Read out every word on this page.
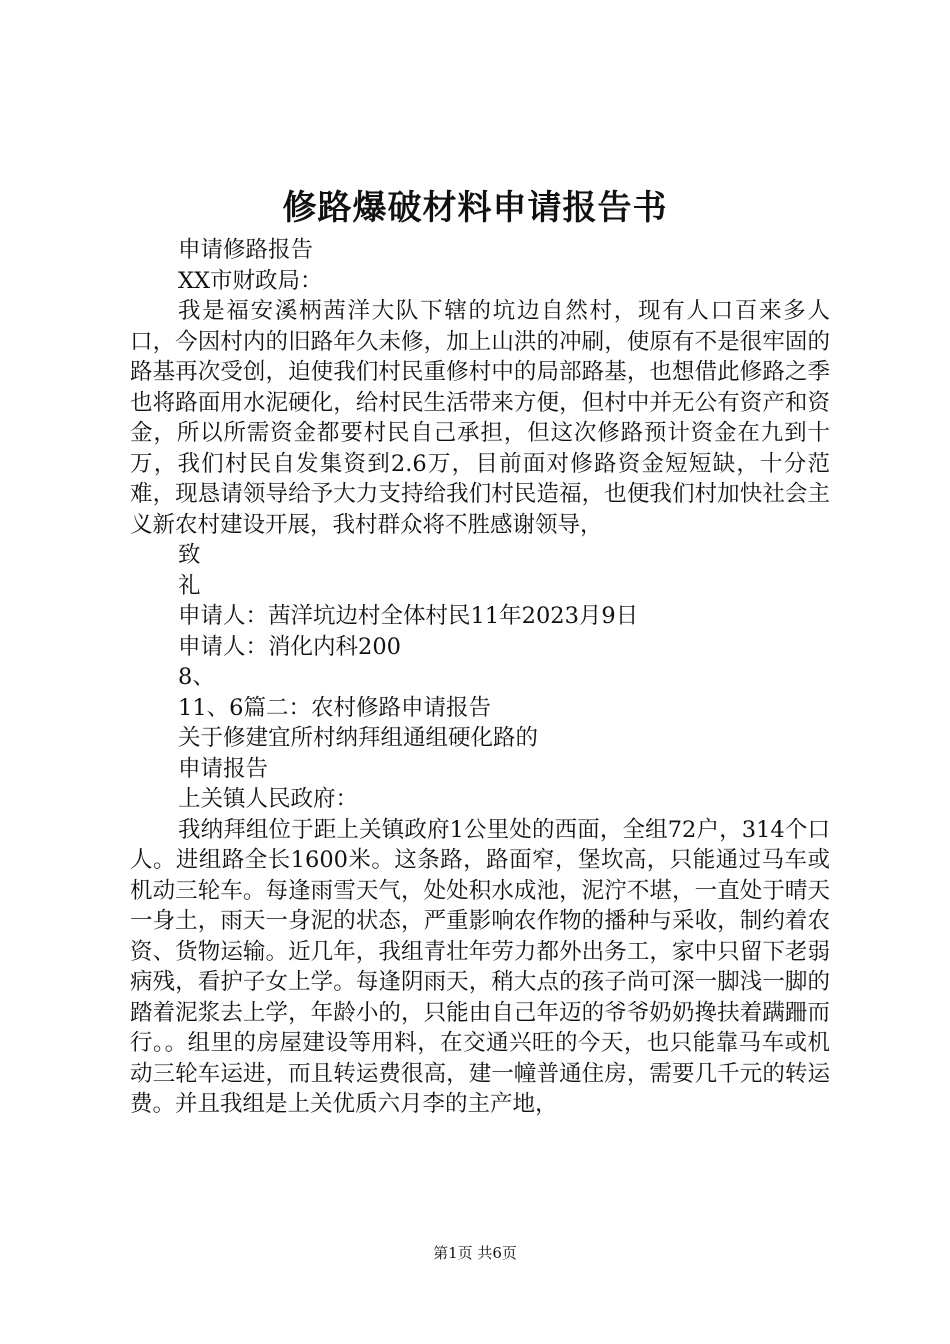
修路爆破材料申请报告书

申请修路报告

XX市财政局：

我是福安溪柄茜洋大队下辖的坑边自然村，现有人口百来多人口，今因村内的旧路年久未修，加上山洪的冲刷，使原有不是很牢固的路基再次受创，迫使我们村民重修村中的局部路基，也想借此修路之季也将路面用水泥硬化，给村民生活带来方便，但村中并无公有资产和资金，所以所需资金都要村民自己承担，但这次修路预计资金在九到十万，我们村民自发集资到2.6万，目前面对修路资金短短缺，十分范难，现恳请领导给予大力支持给我们村民造福，也便我们村加快社会主义新农村建设开展，我村群众将不胜感谢领导，

致

礼

申请人：茜洋坑边村全体村民11年2023月9日

申请人：消化内科200

8、

11、6篇二：农村修路申请报告

关于修建宜所村纳拜组通组硬化路的

申请报告

上关镇人民政府：

我纳拜组位于距上关镇政府1公里处的西面，全组72户，314个口人。进组路全长1600米。这条路，路面窄，堡坎高，只能通过马车或机动三轮车。每逢雨雪天气，处处积水成池，泥泞不堪，一直处于晴天一身土，雨天一身泥的状态，严重影响农作物的播种与采收，制约着农资、货物运输。近几年，我组青壮年劳力都外出务工，家中只留下老弱病残，看护子女上学。每逢阴雨天，稍大点的孩子尚可深一脚浅一脚的踏着泥浆去上学，年龄小的，只能由自己年迈的爷爷奶奶搀扶着蹒跚而行。。组里的房屋建设等用料，在交通兴旺的今天，也只能靠马车或机动三轮车运进，而且转运费很高，建一幢普通住房，需要几千元的转运费。并且我组是上关优质六月李的主产地，

第1页 共6页
